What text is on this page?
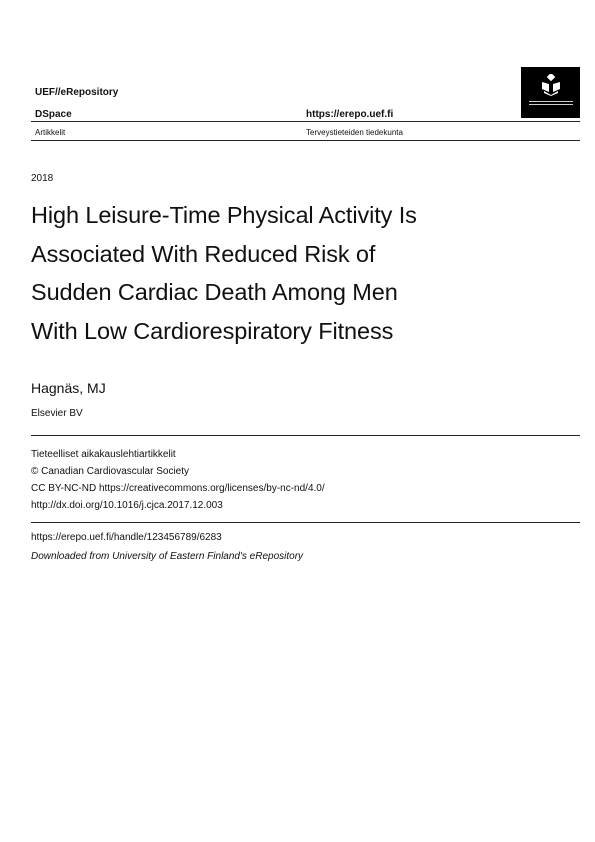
UEF//eRepository
DSpace	https://erepo.uef.fi
Artikkelit	Terveystieteiden tiedekunta
2018
High Leisure-Time Physical Activity Is
Associated With Reduced Risk of
Sudden Cardiac Death Among Men
With Low Cardiorespiratory Fitness
Hagnäs, MJ
Elsevier BV
Tieteelliset aikakauslehtiartikkelit
© Canadian Cardiovascular Society
CC BY-NC-ND https://creativecommons.org/licenses/by-nc-nd/4.0/
http://dx.doi.org/10.1016/j.cjca.2017.12.003
https://erepo.uef.fi/handle/123456789/6283
Downloaded from University of Eastern Finland's eRepository
